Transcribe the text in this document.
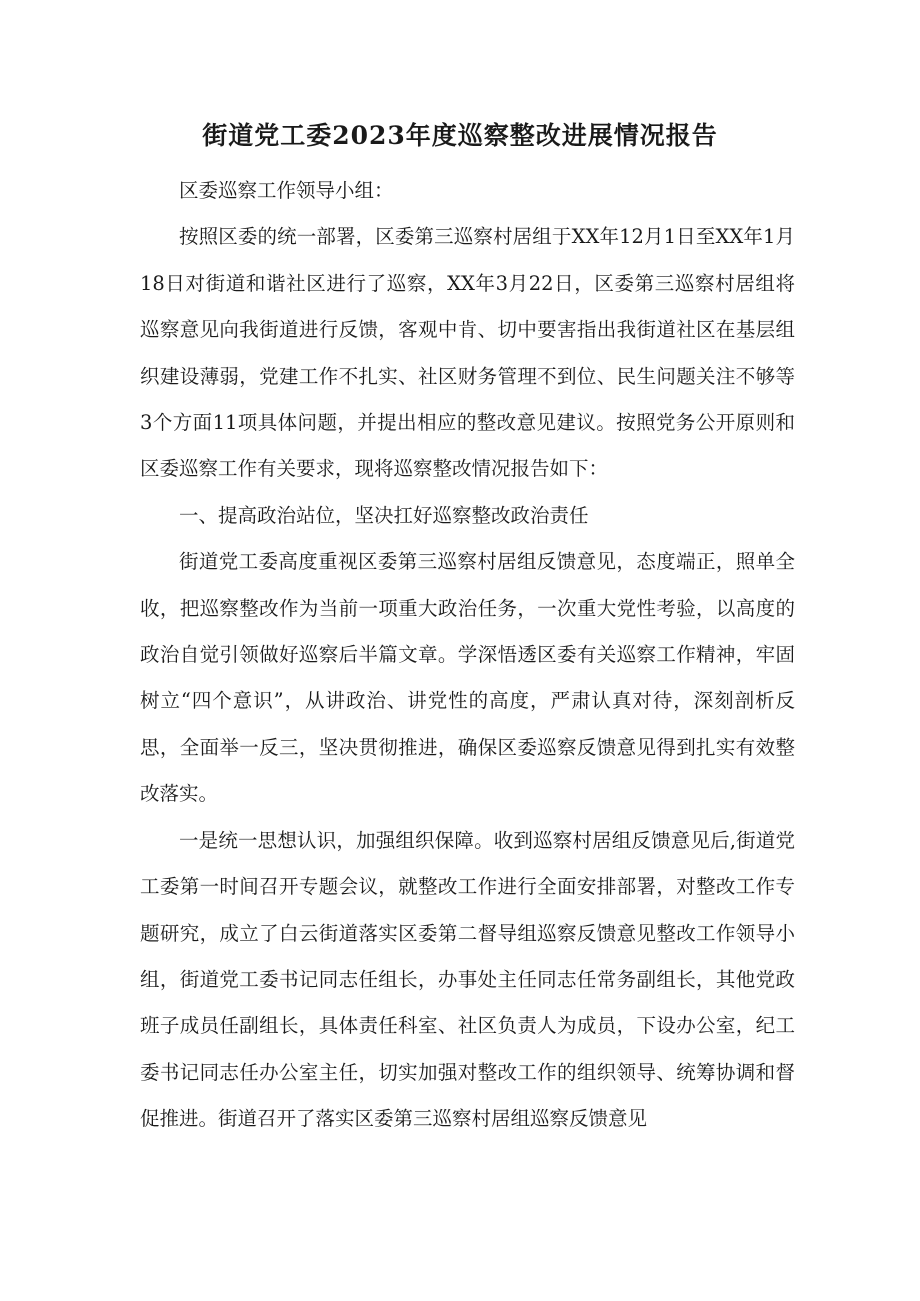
街道党工委2023年度巡察整改进展情况报告

区委巡察工作领导小组：

按照区委的统一部署，区委第三巡察村居组于XX年12月1日至XX年1月18日对街道和谐社区进行了巡察，XX年3月22日，区委第三巡察村居组将巡察意见向我街道进行反馈，客观中肯、切中要害指出我街道社区在基层组织建设薄弱，党建工作不扎实、社区财务管理不到位、民生问题关注不够等3个方面11项具体问题，并提出相应的整改意见建议。按照党务公开原则和区委巡察工作有关要求，现将巡察整改情况报告如下：

一、提高政治站位，坚决扛好巡察整改政治责任

街道党工委高度重视区委第三巡察村居组反馈意见，态度端正，照单全收，把巡察整改作为当前一项重大政治任务，一次重大党性考验，以高度的政治自觉引领做好巡察后半篇文章。学深悟透区委有关巡察工作精神，牢固树立“四个意识”，从讲政治、讲党性的高度，严肃认真对待，深刻剖析反思，全面举一反三，坚决贯彻推进，确保区委巡察反馈意见得到扎实有效整改落实。

一是统一思想认识，加强组织保障。收到巡察村居组反馈意见后,街道党工委第一时间召开专题会议，就整改工作进行全面安排部署，对整改工作专题研究，成立了白云街道落实区委第二督导组巡察反馈意见整改工作领导小组，街道党工委书记同志任组长，办事处主任同志任常务副组长，其他党政班子成员任副组长，具体责任科室、社区负责人为成员，下设办公室，纪工委书记同志任办公室主任，切实加强对整改工作的组织领导、统筹协调和督促推进。街道召开了落实区委第三巡察村居组巡察反馈意见
